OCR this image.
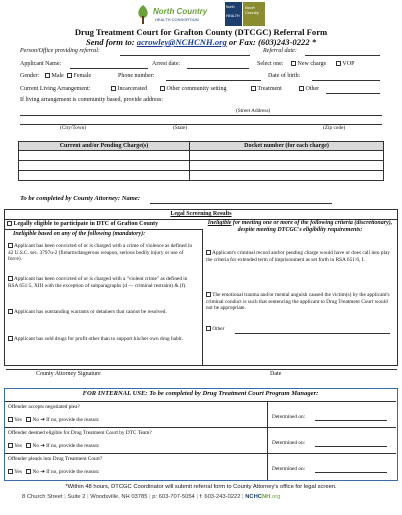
North Country
HEALTH CONSORTIUM
North
HEALTH
North
Country
Drug Treatment Court for Grafton County (DTCGC) Referral Form
Send form to: acrowley@NCHCNH.org or Fax: (603)243-0222 *
Person/Office providing referral:	Referral date:
Applicant Name:	Arrest date:	Select one:	New charge	VOP
Gender:	Male	Female	Phone number:	Date of birth:
Current Living Arrangement:	Incarcerated	Other community setting	Treatment	Other
If living arrangement is community based, provide address:
(Street Address)
(City/Town)	(State)	(Zip code)
Current and/or Pending Charge(s)	Docket number (for each charge)

To be completed by County Attorney: Name:
Legal Screening Results
Legally eligible to participate in DTC of Grafton County
Ineligible based on any of the following (mandatory):
Applicant has been convicted of or is charged with a crime of violence as defined in 42 U.S.C. sec. 3797u-2 (firearm/dangerous weapon, serious bodily injury or use of force).
Applicant has been convicted of or is charged with a "violent crime" as defined in RSA 651:5, XIII with the exception of subparagraphs (d — criminal restraint) & (f).
Applicant has outstanding warrants or detainers that cannot be resolved.
Applicant has sold drugs for profit other than to support his/her own drug habit.
Ineligible for meeting one or more of the following criteria (discretionary), despite meeting DTCGC's eligibility requirements:
Applicant's criminal record and/or pending charge would have or does call into play the criteria for extended term of imprisonment as set forth in RSA 651:6, I.
The emotional trauma and/or mental anguish caused the victim(s) by the applicant's criminal conduct is such that sentencing the applicant to Drug Treatment Court would not be appropriate.
Other
County Attorney Signature	Date
FOR INTERNAL USE: To be completed by Drug Treatment Court Program Manager:
Offender accepts negotiated plea?
Yes No ➔ If no, provide the reason:	Determined on:
Offender deemed eligible for Drug Treatment Court by DTC Team?
Yes No ➔ If no, provide the reason:	Determined on:
Offender pleads into Drug Treatment Court?
Yes No ➔ If no, provide the reason:	Determined on:
*Within 48 hours, DTCGC Coordinator will submit referral form to County Attorney's office for legal screen.
8 Church Street | Suite 2 | Woodsville, NH 03785 | p: 603-707-5054 | f: 603-243-0222 | NCHCNH.org
